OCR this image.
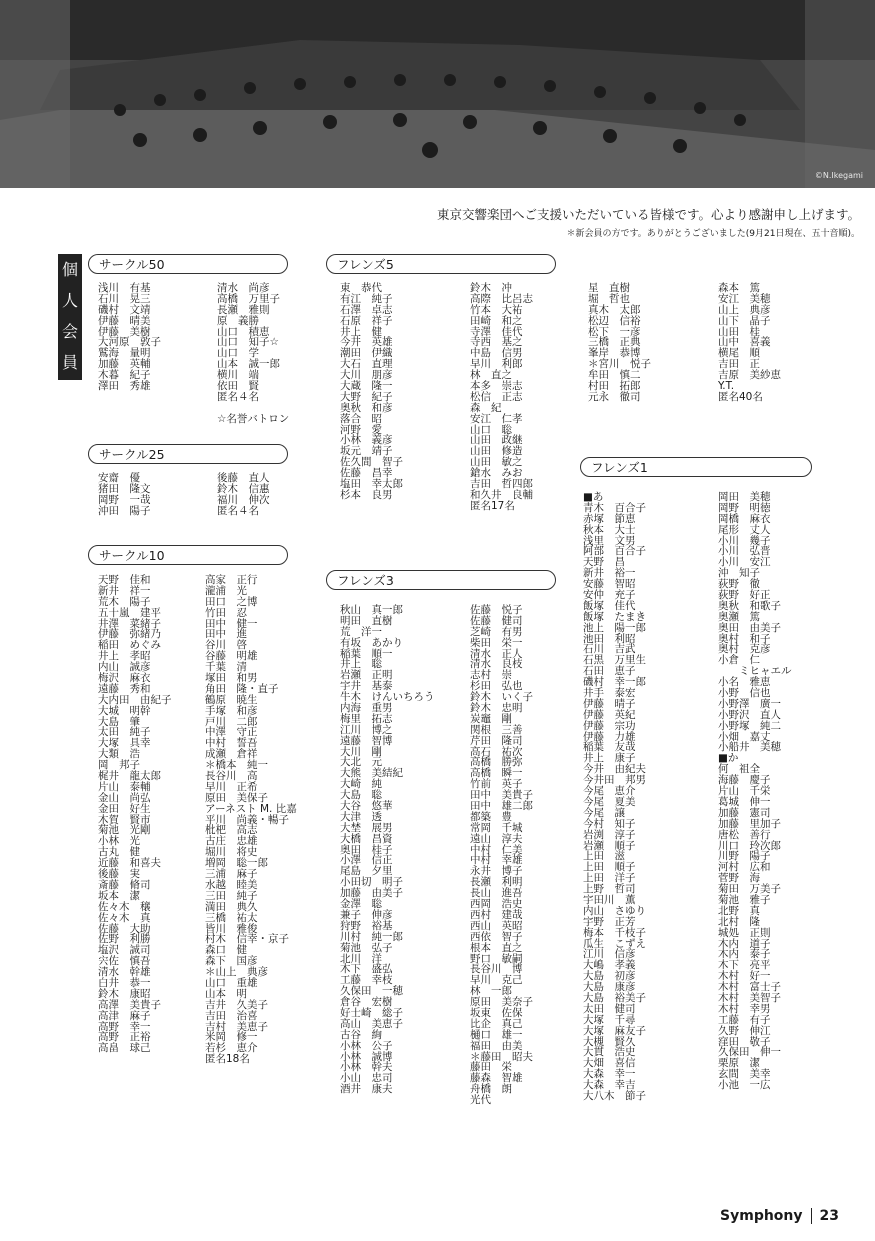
©N.Ikegami
東京交響楽団へご支援いただいている皆様です。心より感謝申し上げます。
＊新会員の方です。ありがとうございました(9月21日現在、五十音順)。
個
人
会
員
サークル50
サークル25
サークル10
フレンズ5
フレンズ3
フレンズ1
浅川　有基
石川　晃三
磯村　文靖
伊藤　晴美
伊藤　美樹
大河原　敦子
鷲海　量明
加藤　英輔
木暮　紀子
澤田　秀雄
清水　尚彦
高橋　万里子
長瀬　雅則
原　義勝
山口　積恵
山口　知子☆
山口　学
山本　誠一郎
横川　端
依田　賢
匿名４名
☆名誉バトロン
安齋　優
猪田　隆文
岡野　一哉
沖田　陽子
後藤　直人
鈴木　信惠
福川　伸次
匿名４名
天野　佳和
新井　祥一
荒木　陽子
五十嵐　建平
井澤　菜緒子
伊藤　弥緒乃
稲田　めぐみ
井上　孝昭
内山　誠彦
梅沢　麻衣
遠藤　秀和
大内田　由紀子
大城　明幹
大島　肇
太田　純子
大塚　具幸
大類　浩
岡　邦子
梶井　龍太郎
片山　泰輔
金山　尚弘
金田　好生
木賀　賢市
菊池　光剛
小林　光
古丸　健
近藤　和喜夫
後藤　実
斎藤　脩司
坂本　潔
佐々木　穣
佐々木　真
佐藤　大助
佐野　利勝
塩沢　誠司
宍佐　慎吾
清水　幹雄
白井　恭一
鈴木　康昭
高澤　美貴子
高津　麻子
高野　幸一
高野　正裕
高畠　球己
高家　正行
瀧浦　光
田口　之博
竹田　忍
田中　健一
田中　進
谷川　啓
谷藤　明雄
千葉　清
塚田　和男
角田　隆・直子
鶴原　暁生
手塚　和彦
戸川　二郎
中澤　守正
中村　誓吾
成瀬　倉祥
＊橋本　純一
長谷川　高
早川　正希
原田　美保子
アーネスト M. 比嘉
平川　尚義・暢子
枇杷　高志
古庄　忠雄
堀川　将史
増岡　聡一郎
三浦　麻子
水越　睦美
三田　純子
満田　典久
三橋　祐太
皆川　雅俊
村木　信幸・京子
森口　健
森下　国彦
＊山上　典彦
山口　重雄
山本　明
吉井　久美子
吉田　治喜
吉村　美恵子
米岡　修一
若杉　恵介
匿名18名
東　恭代
有江　純子
石澤　卓志
石原　祥子
井上　健
今井　英雄
潮田　伊織
大石　直理
大川　朋彦
大蔵　隆一
大野　紀子
奥秋　和彦
落合　昭
河野　愛
小林　義彦
坂元　靖子
佐久間　智子
佐藤　昌幸
塩田　幸太郎
杉本　良男
鈴木　冲
高際　比呂志
竹本　大祐
田崎　和之
寺澤　佳代
寺西　基之
中島　信男
早川　利郎
林　直之
本多　崇志
松信　正志
森　紀
安江　仁孝
山口　聡
山田　政継
山田　修造
山田　敏之
鎗水　みお
吉田　哲四郎
和久井　良輔
匿名17名
星　直樹
堀　哲也
真木　太郎
松辺　信裕
松下　一彦
三橋　正典
峯岸　恭博
＊宮川　悦子
牟田　慎二
村田　拓郎
元永　徹司
森本　篤
安江　美穂
山上　典彦
山下　晶子
山田　桂
山中　喜義
横尾　順
吉田　正
吉原　美紗恵
Y.T.
匿名40名
秋山　真一郎
明田　直樹
荒　洋一
有坂　あかり
稲葉　順一
井上　聡
岩瀬　正明
宇井　基泰
牛木　けんいちろう
内海　重男
梅里　拓志
江川　博之
遠藤　智博
大川　剛
大北　元
大熊　美結紀
大崎　純
大島　聡
大谷　悠華
大津　透
大埜　展男
大橋　昌資
奥田　桂子
小澤　信正
尾島　夕里
小田切　明子
加藤　由美子
金澤　聡
兼子　伸彦
狩野　裕基
川村　純一郎
菊池　弘子
北川　洋
木下　盛弘
工藤　幸枝
久保田　一穂
倉谷　宏樹
好士崎　総子
高山　美恵子
古谷　絢
小林　公子
小林　誠博
小林　幹夫
小山　忠司
酒井　康夫
佐藤　悦子
佐藤　健司
芝崎　有男
柴田　栄一
清水　正人
清水　良枝
志村　崇
杉田　弘也
鈴木　いく子
鈴木　忠明
炭竈　剛
関根　三善
芹田　隆司
高石　祐次
高橋　勝弥
高橋　瞬一
竹前　英子
田中　美貴子
田中　雄二郎
都築　豊
常岡　千城
遠山　淳夫
中村　仁美
中村　幸雄
永井　博子
長瀬　利明
長山　進吾
西岡　浩史
西村　建哉
西山　英昭
西依　智子
根本　直之
野口　敏嗣
長谷川　博
早川　克己
林　一郎
原田　美奈子
坂東　佐保
比企　真己
樋口　雄一
福田　由美
＊藤田　昭夫
藤田　栄
藤森　智雄
舟橋　朗
光代
■あ
青木　百合子
赤塚　節恵
秋本　大士
浅里　文男
阿部　百合子
天野　昌
新井　裕一
安藤　智昭
安仲　充子
飯塚　佳代
飯塚　たまき
池上　陽一郎
池田　利昭
石川　吉武
石黒　万里生
石田　恵子
磯村　幸一郎
井手　泰宏
伊藤　晴子
伊藤　英紀
伊藤　宗功
伊藤　力雄
稲葉　友哉
井上　康子
今井　由紀夫
今井田　邦男
今尾　恵介
今尾　夏美
今尾　譲
今村　知子
岩渕　淳子
岩瀬　順子
上田　滋
上田　順子
上田　洋子
上野　哲司
宇田川　薫
内山　さゆり
宇野　正芳
梅本　千枝子
瓜生　こずえ
江川　信彦
大嶋　孝義
大島　初彦
大島　康彦
大島　裕美子
太田　健司
大塚　千尋
大塚　麻友子
大槻　賢久
大貫　浩史
大畑　喜信
大森　幸一
大森　幸吉
大八木　節子
岡田　美穂
岡野　明徳
岡橋　麻衣
尾形　丈人
小川　幾子
小川　弘晋
小川　安江
沖　知子
荻野　徹
荻野　好正
奥秋　和歌子
奥瀬　篤
奥田　由美子
奥村　和子
奥村　克彦
小倉　仁
　　ミヒャエル
小名　雅恵
小野　信也
小野澤　廣一
小野沢　直人
小野塚　純二
小畑　嘉丈
小船井　美穂
■か
何　祖全
海藤　慶子
片山　千栄
葛城　伸一
加藤　憲司
加藤　里加子
唐松　善行
川口　玲次郎
川野　陽子
河村　広和
菅野　海
菊田　万美子
菊池　雅子
北野　真
北村　隆
城処　正則
木内　道子
木内　泰子
木下　亮平
木村　好一
木村　富士子
木村　美智子
木村　幸男
工藤　有子
久野　伸江
窪田　敬子
久保田　伸一
栗原　潔
玄間　美幸
小池　一広
Symphony	23
